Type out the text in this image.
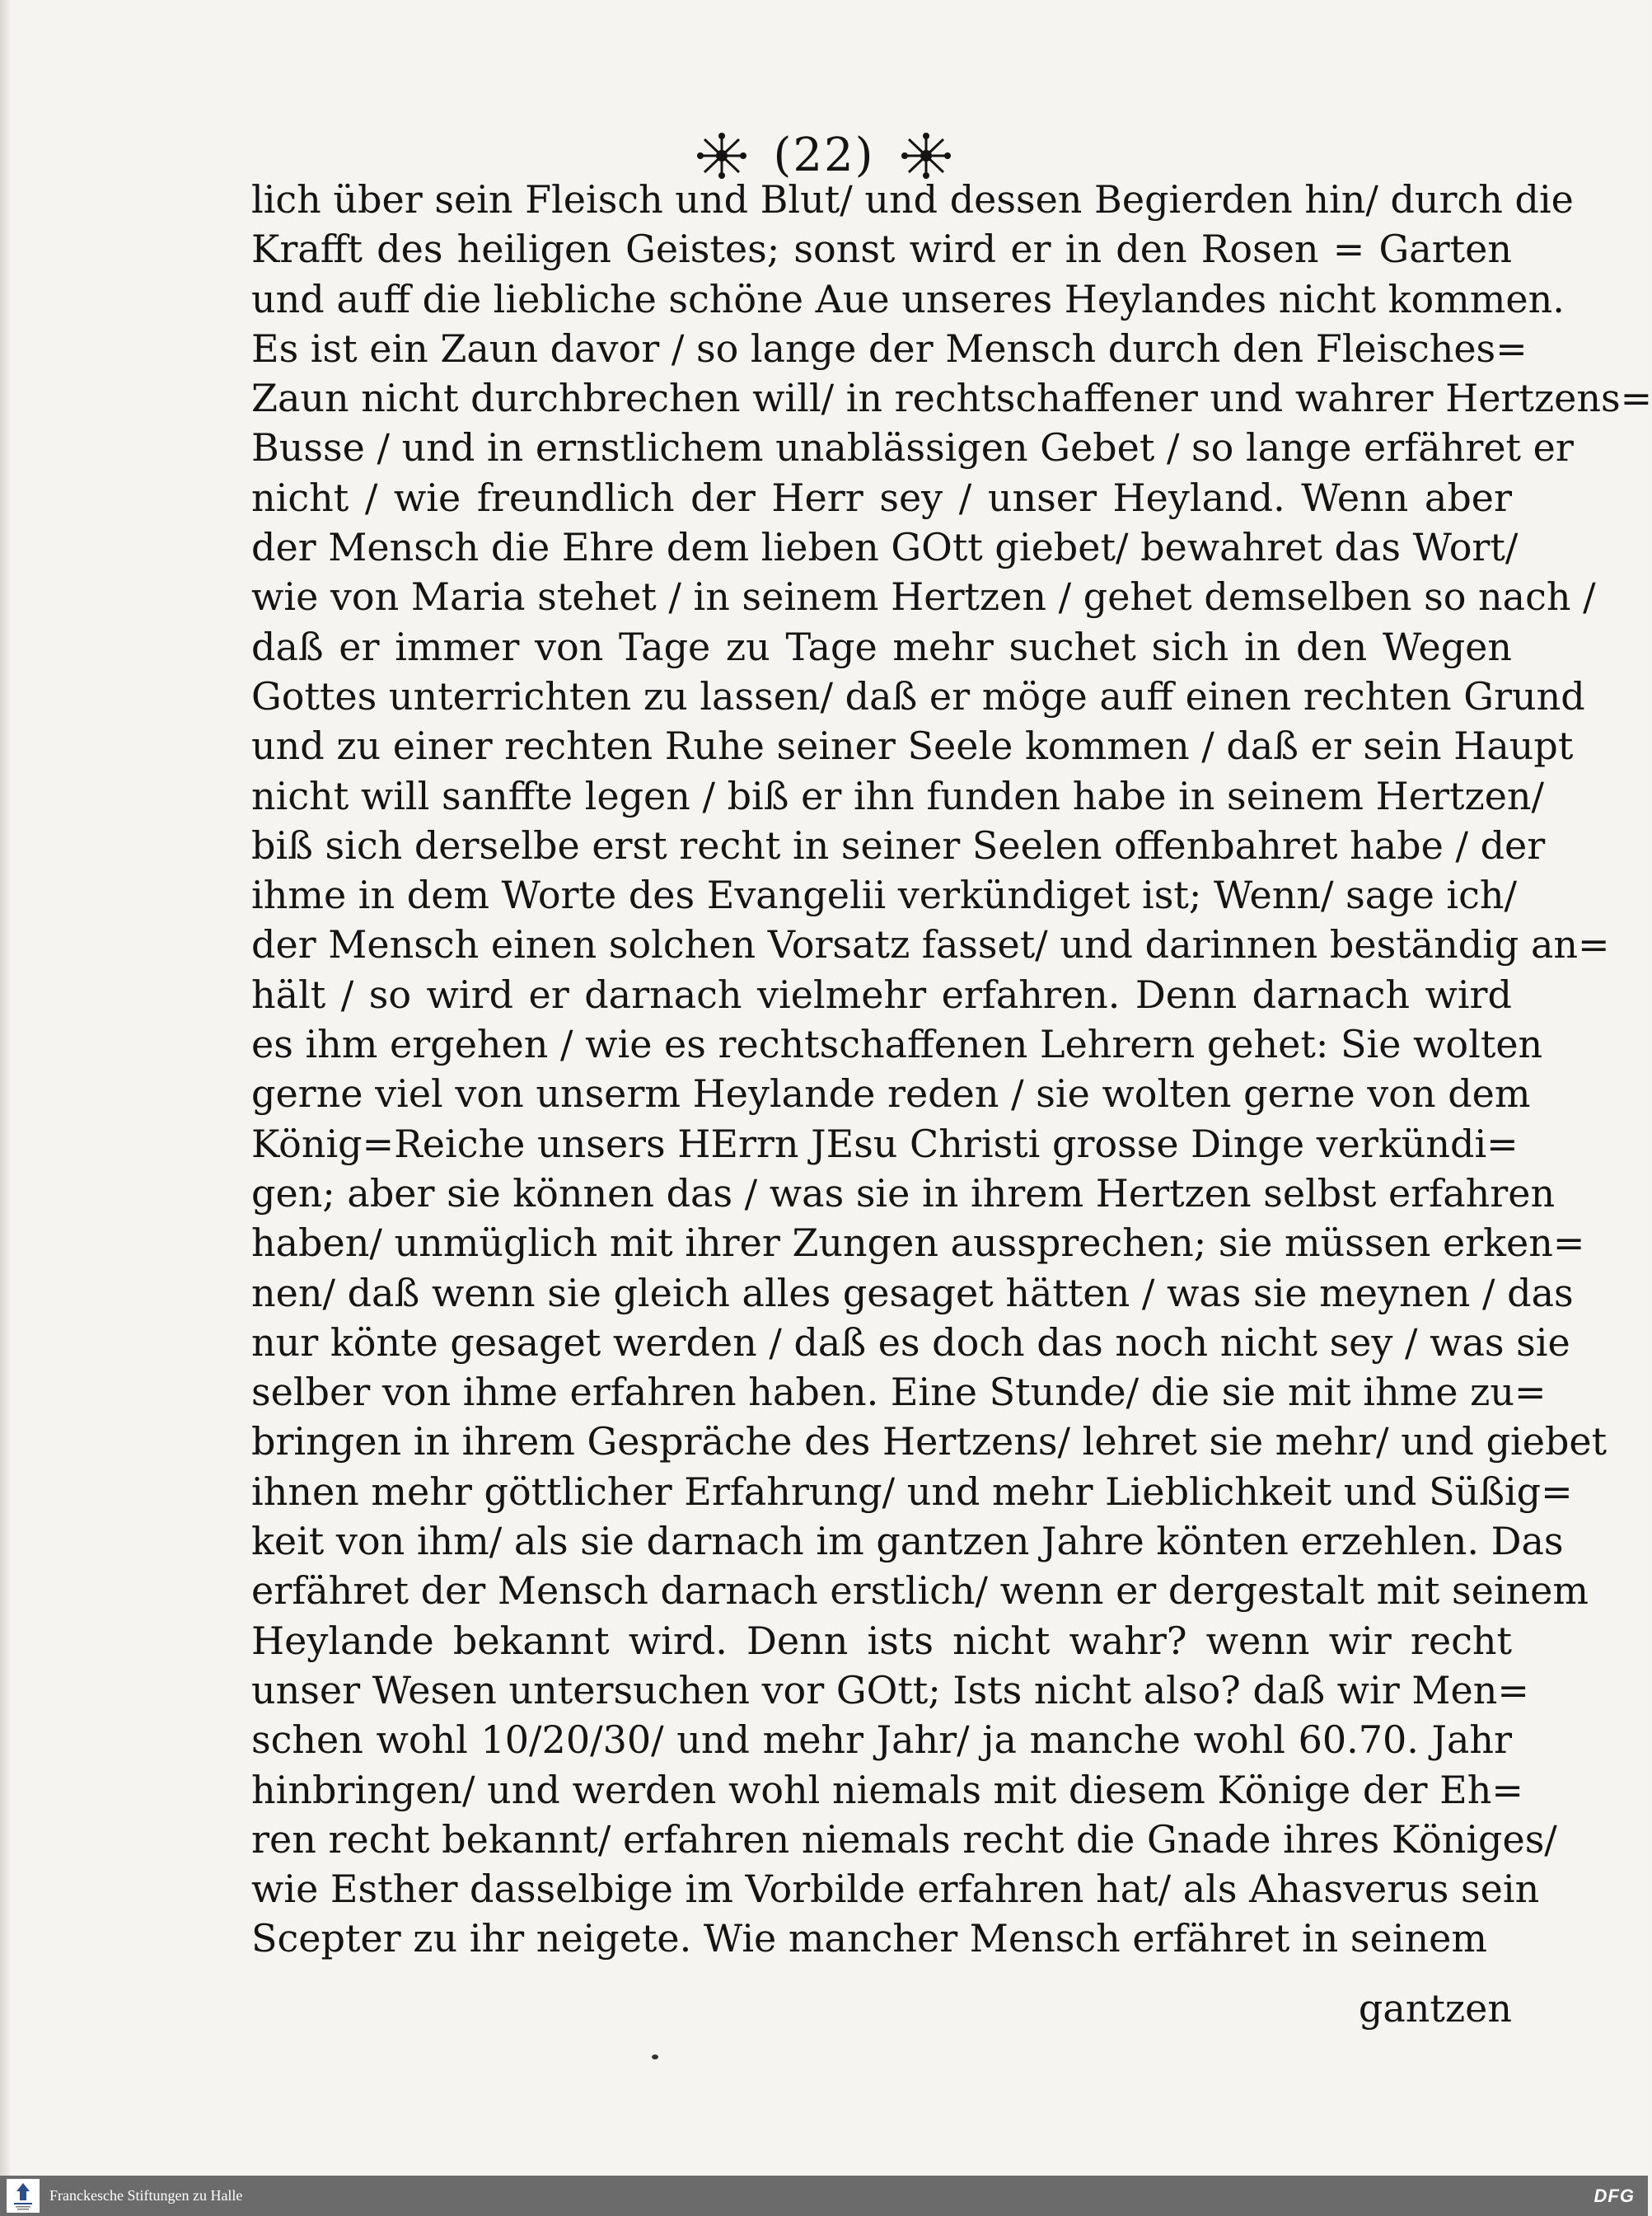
(22)
lich über sein Fleisch und Blut/ und dessen Begierden hin/ durch die
Krafft des heiligen Geistes; sonst wird er in den Rosen = Garten
und auff die liebliche schöne Aue unseres Heylandes nicht kommen.
Es ist ein Zaun davor / so lange der Mensch durch den Fleisches=
Zaun nicht durchbrechen will/ in rechtschaffener und wahrer Hertzens=
Busse / und in ernstlichem unablässigen Gebet / so lange erfähret er
nicht / wie freundlich der Herr sey / unser Heyland. Wenn aber
der Mensch die Ehre dem lieben GOtt giebet/ bewahret das Wort/
wie von Maria stehet / in seinem Hertzen / gehet demselben so nach /
daß er immer von Tage zu Tage mehr suchet sich in den Wegen
Gottes unterrichten zu lassen/ daß er möge auff einen rechten Grund
und zu einer rechten Ruhe seiner Seele kommen / daß er sein Haupt
nicht will sanffte legen / biß er ihn funden habe in seinem Hertzen/
biß sich derselbe erst recht in seiner Seelen offenbahret habe / der
ihme in dem Worte des Evangelii verkündiget ist; Wenn/ sage ich/
der Mensch einen solchen Vorsatz fasset/ und darinnen beständig an=
hält / so wird er darnach vielmehr erfahren. Denn darnach wird
es ihm ergehen / wie es rechtschaffenen Lehrern gehet: Sie wolten
gerne viel von unserm Heylande reden / sie wolten gerne von dem
König=Reiche unsers HErrn JEsu Christi grosse Dinge verkündi=
gen; aber sie können das / was sie in ihrem Hertzen selbst erfahren
haben/ unmüglich mit ihrer Zungen aussprechen; sie müssen erken=
nen/ daß wenn sie gleich alles gesaget hätten / was sie meynen / das
nur könte gesaget werden / daß es doch das noch nicht sey / was sie
selber von ihme erfahren haben. Eine Stunde/ die sie mit ihme zu=
bringen in ihrem Gespräche des Hertzens/ lehret sie mehr/ und giebet
ihnen mehr göttlicher Erfahrung/ und mehr Lieblichkeit und Süßig=
keit von ihm/ als sie darnach im gantzen Jahre könten erzehlen. Das
erfähret der Mensch darnach erstlich/ wenn er dergestalt mit seinem
Heylande bekannt wird. Denn ists nicht wahr? wenn wir recht
unser Wesen untersuchen vor GOtt; Ists nicht also? daß wir Men=
schen wohl 10/20/30/ und mehr Jahr/ ja manche wohl 60.70. Jahr
hinbringen/ und werden wohl niemals mit diesem Könige der Eh=
ren recht bekannt/ erfahren niemals recht die Gnade ihres Königes/
wie Esther dasselbige im Vorbilde erfahren hat/ als Ahasverus sein
Scepter zu ihr neigete. Wie mancher Mensch erfähret in seinem
gantzen
Franckesche Stiftungen zu Halle	DFG
